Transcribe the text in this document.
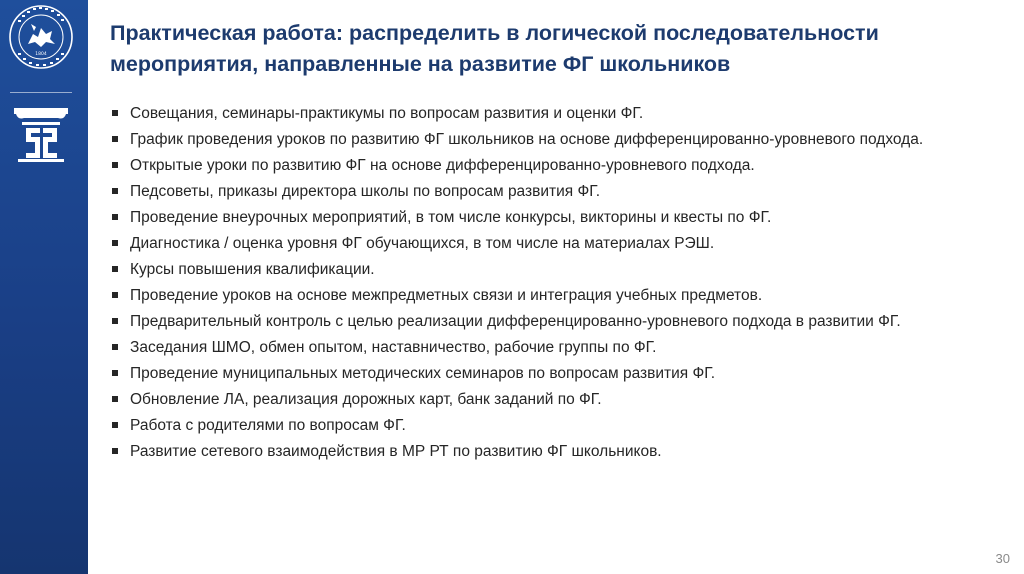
1804
Практическая работа: распределить в логической последовательности
мероприятия, направленные на развитие ФГ школьников
Совещания, семинары-практикумы по вопросам развития и оценки ФГ.
График проведения уроков по развитию ФГ школьников на основе дифференцированно-уровневого подхода.
Открытые уроки по развитию ФГ на основе дифференцированно-уровневого подхода.
Педсоветы, приказы директора школы по вопросам развития ФГ.
Проведение внеурочных мероприятий, в том числе конкурсы, викторины и квесты по ФГ.
Диагностика / оценка уровня ФГ обучающихся, в том числе на материалах РЭШ.
Курсы повышения квалификации.
Проведение уроков на основе межпредметных связи и интеграция учебных предметов.
Предварительный контроль с целью реализации дифференцированно-уровневого подхода в развитии ФГ.
Заседания ШМО, обмен опытом, наставничество, рабочие группы по ФГ.
Проведение муниципальных методических семинаров по вопросам развития ФГ.
Обновление ЛА, реализация дорожных карт, банк заданий по ФГ.
Работа с родителями по вопросам ФГ.
Развитие сетевого взаимодействия в МР РТ по развитию ФГ школьников.
30
